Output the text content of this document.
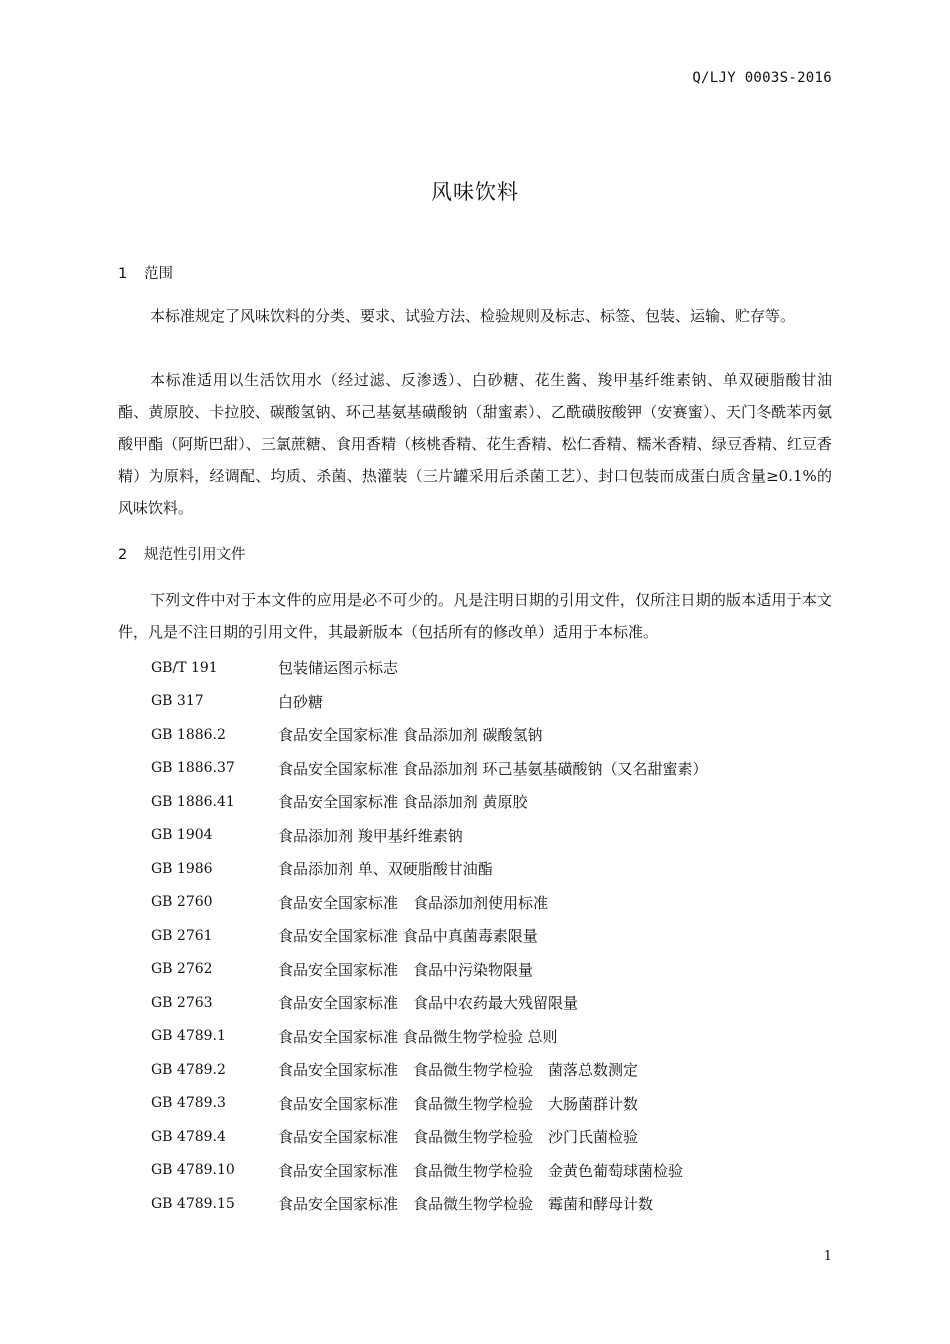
Q/LJY 0003S-2016
风味饮料
1 范围
本标准规定了风味饮料的分类、要求、试验方法、检验规则及标志、标签、包装、运输、贮存等。
本标准适用以生活饮用水（经过滤、反渗透）、白砂糖、花生酱、羧甲基纤维素钠、单双硬脂酸甘油酯、黄原胶、卡拉胶、碳酸氢钠、环己基氨基磺酸钠（甜蜜素）、乙酰磺胺酸钾（安赛蜜）、天门冬酰苯丙氨酸甲酯（阿斯巴甜）、三氯蔗糖、食用香精（核桃香精、花生香精、松仁香精、糯米香精、绿豆香精、红豆香精）为原料，经调配、均质、杀菌、热灌装（三片罐采用后杀菌工艺）、封口包装而成蛋白质含量≥0.1%的风味饮料。
2 规范性引用文件
下列文件中对于本文件的应用是必不可少的。凡是注明日期的引用文件，仅所注日期的版本适用于本文件，凡是不注日期的引用文件，其最新版本（包括所有的修改单）适用于本标准。
GB/T 191	包装储运图示标志
GB 317	白砂糖
GB 1886.2	食品安全国家标准 食品添加剂 碳酸氢钠
GB 1886.37	食品安全国家标准 食品添加剂 环己基氨基磺酸钠（又名甜蜜素）
GB 1886.41	食品安全国家标准 食品添加剂 黄原胶
GB 1904	食品添加剂 羧甲基纤维素钠
GB 1986	食品添加剂 单、双硬脂酸甘油酯
GB 2760	食品安全国家标准　食品添加剂使用标准
GB 2761	食品安全国家标准 食品中真菌毒素限量
GB 2762	食品安全国家标准　食品中污染物限量
GB 2763	食品安全国家标准　食品中农药最大残留限量
GB 4789.1	食品安全国家标准 食品微生物学检验 总则
GB 4789.2	食品安全国家标准　食品微生物学检验　菌落总数测定
GB 4789.3	食品安全国家标准　食品微生物学检验　大肠菌群计数
GB 4789.4	食品安全国家标准　食品微生物学检验　沙门氏菌检验
GB 4789.10	食品安全国家标准　食品微生物学检验　金黄色葡萄球菌检验
GB 4789.15	食品安全国家标准　食品微生物学检验　霉菌和酵母计数
1
